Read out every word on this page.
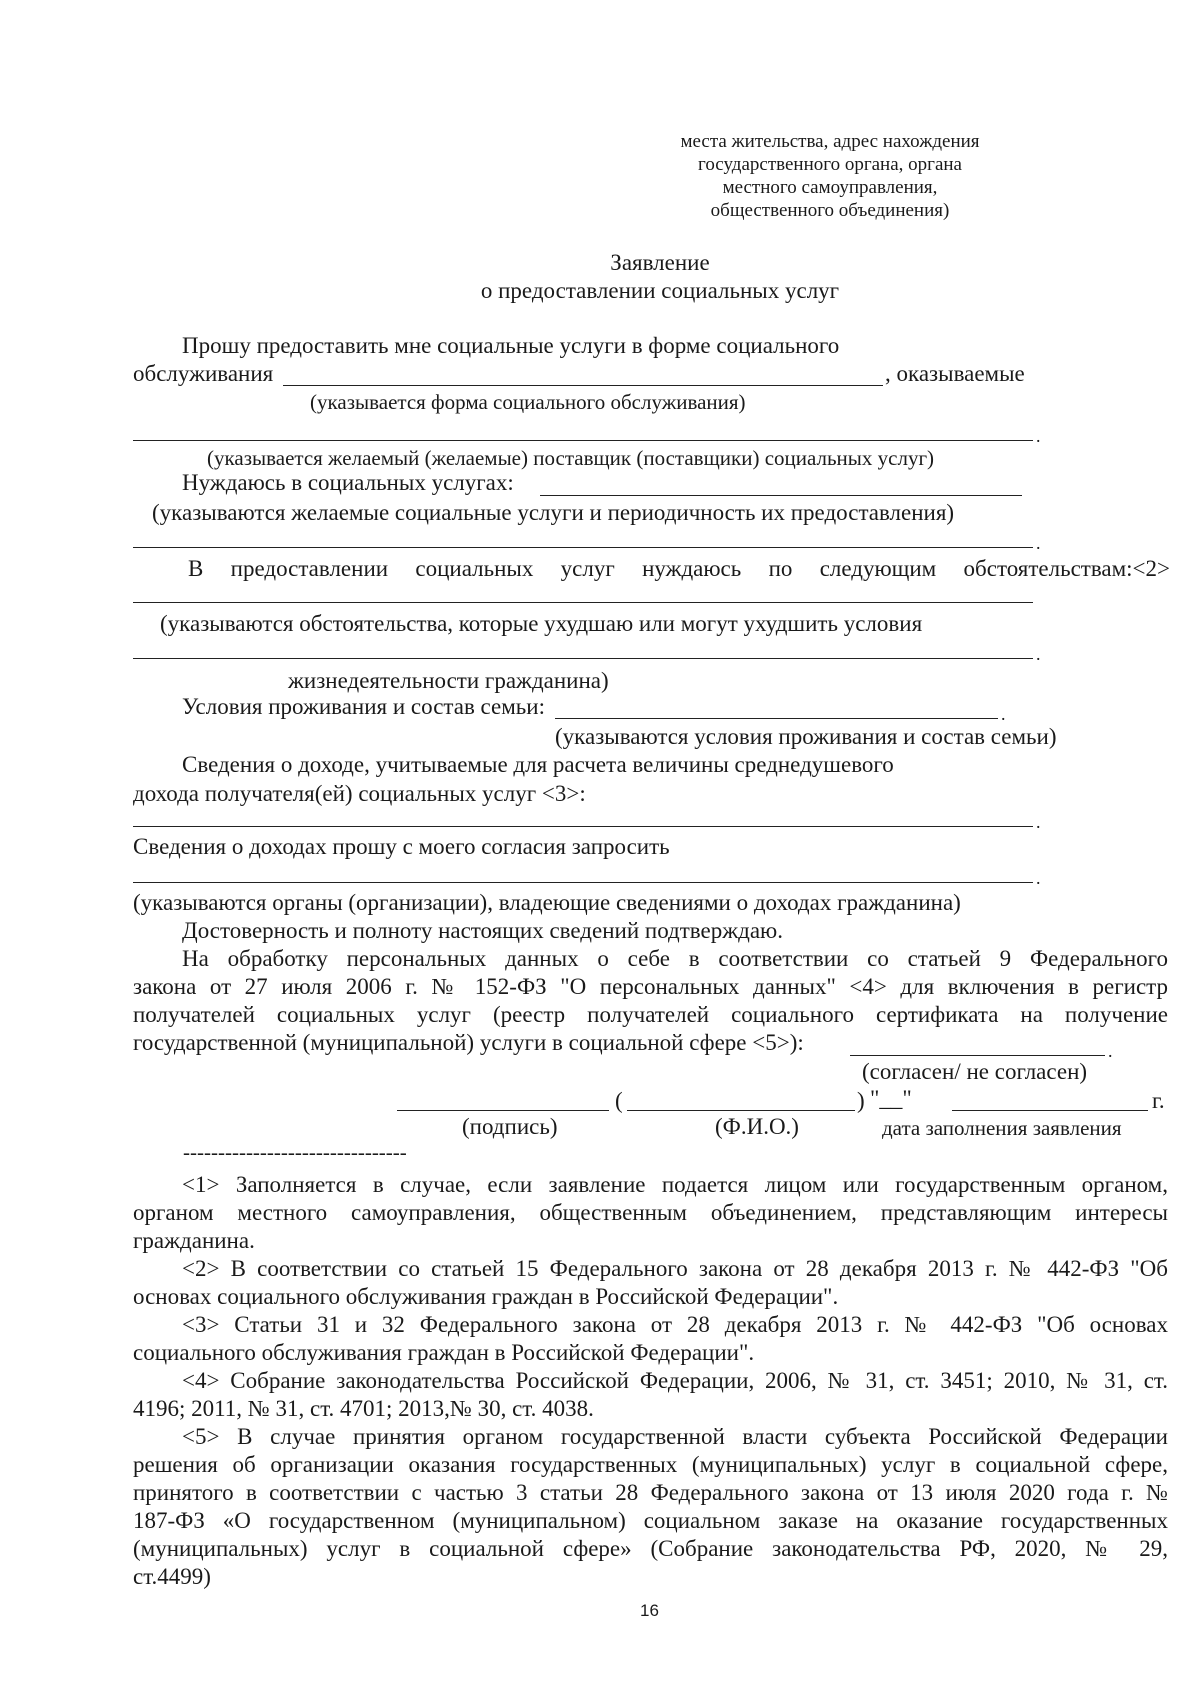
места жительства, адрес нахождения
государственного органа, органа
местного самоуправления,
общественного объединения)
Заявление
о предоставлении социальных услуг
Прошу предоставить мне социальные услуги в форме социального
обслуживания	, оказываемые
(указывается форма социального обслуживания)
.
(указывается желаемый (желаемые) поставщик (поставщики) социальных услуг)
Нуждаюсь в социальных услугах:
(указываются желаемые социальные услуги и периодичность их предоставления)
.
В предоставлении социальных услуг нуждаюсь по следующим обстоятельствам:<2>
(указываются обстоятельства, которые ухудшаю или могут ухудшить условия
.
жизнедеятельности гражданина)
Условия проживания и состав семьи:	.
(указываются условия проживания и состав семьи)
Сведения о доходе, учитываемые для расчета величины среднедушевого
дохода получателя(ей) социальных услуг <3>:
.
Сведения о доходах прошу с моего согласия запросить
.
(указываются органы (организации), владеющие сведениями о доходах гражданина)
Достоверность и полноту настоящих сведений подтверждаю.
На обработку персональных данных о себе в соответствии со статьей 9 Федерального
закона от 27 июля 2006 г. № 152-ФЗ "О персональных данных" <4> для включения в регистр
получателей социальных услуг (реестр получателей социального сертификата на получение
государственной (муниципальной) услуги в социальной сфере <5>):	.
(согласен/ не согласен)
(	) "__"	г.
(подпись)	(Ф.И.О.)	дата заполнения заявления
--------------------------------
<1> Заполняется в случае, если заявление подается лицом или государственным органом,
органом местного самоуправления, общественным объединением, представляющим интересы
гражданина.
<2> В соответствии со статьей 15 Федерального закона от 28 декабря 2013 г. № 442-ФЗ "Об
основах социального обслуживания граждан в Российской Федерации".
<3> Статьи 31 и 32 Федерального закона от 28 декабря 2013 г. № 442-ФЗ "Об основах
социального обслуживания граждан в Российской Федерации".
<4> Собрание законодательства Российской Федерации, 2006, № 31, ст. 3451; 2010, № 31, ст.
4196; 2011, № 31, ст. 4701; 2013,№ 30, ст. 4038.
<5> В случае принятия органом государственной власти субъекта Российской Федерации
решения об организации оказания государственных (муниципальных) услуг в социальной сфере,
принятого в соответствии с частью 3 статьи 28 Федерального закона от 13 июля 2020 года г. №
187-ФЗ «О государственном (муниципальном) социальном заказе на оказание государственных
(муниципальных) услуг в социальной сфере» (Собрание законодательства РФ, 2020, № 29,
ст.4499)
16
